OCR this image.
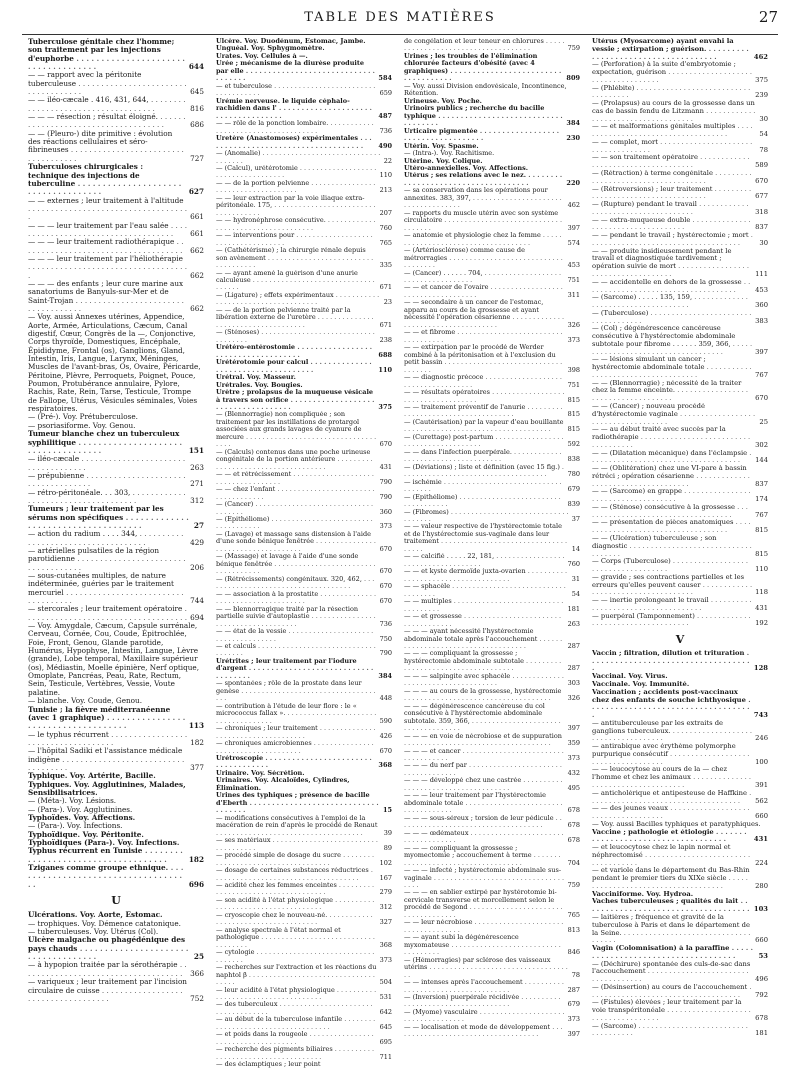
TABLE DES MATIÈRES	27
Tuberculose génitale chez l'homme; son traitement par les injections d'euphorbe . . .
644
— — rapport avec la péritonite tuberculeuse . . .
645
— — iléo-cæcale . 416, 431, 644, . . .
816
— — — résection ; résultat éloigné. . . .
686
— — (Pleuro-) dite primitive : évolution des réactions cellulaires et séro-fibrineuses . . .
727
Tuberculoses chirurgicales : technique des injections de tuberculine . . .
627
— — externes ; leur traitement à l'altitude . . .
661
— — — leur traitement par l'eau salée . . .
661
— — — leur traitement radiothérapique . . .
662
— — — leur traitement par l'héliothérapie . . .
662
— — — des enfants ; leur cure marine aux sanatoriums de Banyuls-sur-Mer et de Saint-Trojan . . .
662
— Voy. aussi Annexes utérines, Appendice, Aorte, Armée, Articulations, Cæcum, Canal digestif, Cœur, Congrès de la —, Conjonctive, Corps thyroïde, Domestiques, Encéphale, Épididyme, Frontal (os), Ganglions, Gland, Intestin, Iris, Langue, Larynx, Méninges, Muscles de l'avant-bras, Os, Ovaire, Péricarde, Péritoine, Plèvre, Perroquets, Poignet, Pouce, Poumon, Protubérance annulaire, Pylore, Rachis, Rate, Rein, Tarse, Testicule, Trompe de Fallope, Utérus, Vésicules séminales, Voies respiratoires.
— (Pré-). Voy. Prétuberculose.
— psoriasiforme. Voy. Genou.
Tumeur blanche chez un tuberculeux syphilitique . . .
151
— iléo-cæcale . . .
263
— prépubienne . . .
271
— rétro-péritonéale. . . 303, . . .
312
Tumeurs ; leur traitement par les sérums non spécifiques . . .
27
— action du radium . . . . 344, . . .
429
— artérielles pulsatiles de la région parotidienne . . .
206
— sous-cutanées multiples, de nature indéterminée, guéries par le traitement mercuriel . . .
744
— stercorales ; leur traitement opératoire . . .
694
— Voy. Amygdale, Cæcum, Capsule surrénale, Cerveau, Cornée, Cou, Coude, Épitrochlée, Foie, Front, Genou, Glande parotide, Humérus, Hypophyse, Intestin, Langue, Lèvre (grande), Lobe temporal, Maxillaire supérieur (os), Médiastin, Moelle épinière, Nerf optique, Omoplate, Pancréas, Peau, Rate, Rectum, Sein, Testicule, Vertèbres, Vessie, Voute palatine.
— blanche. Voy. Coude, Genou.
Tunisie ; la fièvre méditerranéenne (avec 1 graphique) . . .
113
— le typhus récurrent . . .
182
— l'hôpital Sadiki et l'assistance médicale indigène . . .
377
Typhique. Voy. Artérite, Bacille.
Typhiques. Voy. Agglutinines, Malades, Sensibilisatrices.
— (Méta-). Voy. Lésions.
— (Para-). Voy. Agglutinines.
Typhoïdes. Voy. Affections.
— (Para-). Voy. Infections.
Typhoïdique. Voy. Péritonite.
Typhoïdiques (Para-). Voy. Infections.
Typhus récurrent en Tunisie . . .
182
Tziganes comme groupe ethnique. . . .
696
U
Ulcérations. Voy. Aorte, Estomac.
— trophiques. Voy. Démence catatonique.
— tuberculeuses. Voy. Utérus (Col).
Ulcère malgache ou phagédénique des pays chauds . . .
25
— à hypopion traitée par la sérothérapie . . .
366
— variqueux ; leur traitement par l'incision circulaire de cuisse . . .
752
Ulcère. Voy. Duodénum, Estomac, Jambe.
Unguéal. Voy. Sphygmomètre.
Urates. Voy. Cellules à —.
Urée ; mécanisme de la diurèse produite par elle . . .
584
— et tuberculose . . .
659
Urémie nerveuse. le liquide céphalo-rachidien dans l' . . .
487
— — rôle de la ponction lombaire. . . .
736
Uretère (Anastomoses) expérimentales . . .
490
— (Anomalie) . . .
22
— (Calcul), urétérotomie . . .
110
— — de la portion pelvienne . . .
213
— — leur extraction par la voie iliaque extra-péritonéale. 175, . . .
207
— — hydronéphrose consécutive. . . .
760
— — interventions pour . . .
765
— (Cathétérisme) ; la chirurgie rénale depuis son avènement . . .
335
— — ayant amené la guérison d'une anurie calculeuse . . .
671
— (Ligature) ; effets expérimentaux . . .
23
— — de la portion pelvienne traité par la libération externe de l'uretère . . .
671
— (Sténoses) . . .
238
Urétéro-entérostomie . . .
688
Urétérotomie pour calcul . . .
110
Urétral. Voy. Masseur.
Urétrales. Voy. Bougies.
Urètre ; prolapsus de la muqueuse vésicale à travers son orifice . . .
375
— (Blennorragie) non compliquée ; son traitement par les instillations de protargol associées aux grands lavages de cyanure de mercure . . .
670
— (Calculs) contenus dans une poche urineuse congénitale de la portion antérieure . . .
431
— — et rétrécissement . . .
790
— — chez l'enfant . . .
790
— (Cancer) . . .
360
— (Épithéliome) . . .
373
— (Lavage) et massage sans distension à l'aide d'une sonde bénique fenêtrée . . .
670
— (Massage) et lavage à l'aide d'une sonde bénique fenêtrée . . .
670
— (Rétrécissements) congénitaux. 320, 462, . . .
670
— — association à la prostatite . . .
670
— — blennorragique traité par la résection partielle suivie d'autoplastie . . .
736
— — état de la vessie . . .
750
— et calculs . . .
790
Urétrites ; leur traitement par l'iodure d'argent . . .
384
— spontanées ; rôle de la prostate dans leur genèse . . .
448
— contribution à l'étude de leur flore : le « micrococcus fallax ». . . .
590
— chroniques ; leur traitement . . .
426
— chroniques amicrobiennes . . .
670
Urétroscopie . . .
368
Urinaire. Voy. Sécrétion.
Urinaires. Voy. Alcaloïdes, Cylindres, Élimination.
Urines des typhiques ; présence de bacille d'Eberth . . .
15
— modifications consécutives à l'emploi de la macération de rein d'après le procédé de Renaut . . .
39
— ses matériaux . . .
89
— procédé simple de dosage du sucre . . .
102
— dosage de certaines substances réductrices . . .
167
— acidité chez les femmes enceintes . . .
279
— son acidité à l'état physiologique . . .
312
— cryoscopie chez le nouveau-né. . . .
327
— analyse spectrale à l'état normal et pathologique . . .
368
— cytologie . . .
373
— recherches sur l'extraction et les réactions du naphtol β . . .
504
— leur acidité à l'état physiologique . . .
531
— des tuberculeux . . .
642
— au début de la tuberculose infantile . . .
645
— et poids dans la rougeole . . .
695
— recherche des pigments biliaires . . .
711
— des éclamptiques ; leur point
de congélation et leur teneur en chlorures . . .
759
Urines ; les troubles de l'élimination chlorurée facteurs d'obésité (avec 4 graphiques) . . .
809
— Voy. aussi Division endovésicale, Incontinence, Rétention.
Urineuse. Voy. Poche.
Urinoirs publics ; recherche du bacille typhique . . .
384
Urticaire pigmentée . . .
230
Utérin. Voy. Spasme.
— (Intra-). Voy. Rachitisme.
Utérine. Voy. Colique.
Utéro-annexielles. Voy. Affections.
Utérus ; ses relations avec le nez. . . .
220
— sa conservation dans les opérations pour annexites. 383, 397, . . .
462
— rapports du muscle utérin avec son système circulatoire . . .
397
— anatomie et physiologie chez la femme . . .
574
— (Artériosclérose) comme cause de métrorragies . . .
453
— (Cancer) . . . . . . 704, . . .
751
— — et cancer de l'ovaire . . .
311
— — secondaire à un cancer de l'estomac, apparu au cours de la grossesse et ayant nécessité l'opération césarienne . . .
326
— — et fibrome . . .
373
— — extirpation par le procédé de Werder combiné à la péritonisation et à l'exclusion du petit bassin . . .
398
— — diagnostic précoce . . .
751
— — résultats opératoires . . .
815
— — traitement préventif de l'anurie . . .
815
— (Cautérisation) par la vapeur d'eau bouillante . . .
815
— (Curettage) post-partum . . .
592
— — dans l'infection puerpérale. . . .
838
— (Déviations) ; liste et définition (avec 15 fig.) . . .
780
— ischémie . . .
679
— (Épithéliome) . . .
839
— (Fibromes) . . .
37
— — valeur respective de l'hystérectomie totale et de l'hystérectomie sus-vaginale dans leur traitement . . .
14
— — calcifié . . . . . 22, 181, . . .
760
— — et kyste dermoïde juxta-ovarien . . .
31
— — sphacèle . . .
54
— — multiples . . .
181
— — et grossesse . . .
263
— — — ayant nécessité l'hystérectomie abdominale totale après l'accouchement . . .
287
— — — compliquant la grossesse ; hystérectomie abdominale subtotale . . .
287
— — — salpingite avec sphacèle . . .
303
— — — au cours de la grossesse, hystérectomie . . .
326
— — — dégénérescence cancéreuse du col consécutive à l'hystérectomie abdominale subtotale. 359, 366, . . .
397
— — — en voie de nécrobiose et de suppuration . . .
359
— — — et cancer . . .
373
— — — du nerf par . . .
432
— — — développé chez une castrée . . .
495
— — — leur traitement par l'hystérectomie abdominale totale . . .
678
— — — sous-séreux ; torsion de leur pédicule . . .
678
— — — œdémateux . . .
678
— — — compliquant la grossesse ; myomectomie ; accouchement à terme . . .
704
— — — infecté ; hystérectomie abdominale sus-vaginale . . .
759
— — — en sablier extirpé par hystérotomie bi-cervicale transverse et morcellement selon le procédé de Segond . . .
765
— — leur nécrobiose . . .
813
— — ayant subi la dégénérescence myxomateuse . . .
846
— (Hémorragies) par sclérose des vaisseaux utérins . . .
78
— — intenses après l'accouchement . . .
287
— (Inversion) puerpérale récidivée . . .
679
— (Myome) vasculaire . . .
373
— — localisation et mode de développement . . .
397
Utérus (Myosarcome) ayant envahi la vessie ; extirpation ; guérison. . . .
462
— (Perforation) à la suite d'embryotomie ; expectation, guérison . . .
375
— (Phlébite) . . .
239
— (Prolapsus) au cours de la grossesse dans un cas de bassin fendu de Litzmann . . .
30
— — et malformations génitales multiples . . .
54
— — complet, mort . . .
78
— — son traitement opératoire . . .
589
— (Rétraction) à terme congénitale . . .
670
— (Rétroversions) ; leur traitement . . .
677
— (Rupture) pendant le travail . . .
318
— — extra-muqueuse double . . .
837
— — pendant le travail ; hystérectomie ; mort . . .
30
— — produite insidieusement pendant le travail et diagnostiquée tardivement ; opération suivie de mort . . .
111
— — accidentelle en dehors de la grossesse . . .
453
— (Sarcome) . . . . . 135, 159, . . .
360
— (Tuberculose) . . .
383
— (Col) ; dégénérescence cancéreuse consécutive à l'hystérectomie abdominale subtotale pour fibrome . . . . . . 359, 366, . . .
397
— — lésions simulant un cancer ; hystérectomie abdominale totale . . .
767
— — (Blennorragie) ; nécessité de la traiter chez la femme enceinte. . . .
670
— — (Cancer) ; nouveau procédé d'hystérectomie vaginale . . .
25
— — au début traité avec succès par la radiothérapie . . .
302
— — (Dilatation mécanique) dans l'éclampsie . . .
144
— — (Oblitération) chez une VI-pare à bassin rétréci ; opération césarienne . . .
837
— — (Sarcome) en grappe . . .
174
— — (Sténose) consécutive à la grossesse . . .
767
— — présentation de pièces anatomiques . . .
815
— — (Ulcération) tuberculeuse ; son diagnostic . . .
815
— Corps (Tuberculose) . . .
110
— gravide ; ses contractions partielles et les erreurs qu'elles peuvent causer . . .
118
— — inertie prolongeant le travail . . .
431
— puerpéral (Tamponnement) . . .
192
V
Vaccin ; filtration, dilution et trituration . . .
128
Vaccinal. Voy. Virus.
Vaccinale. Voy. Immunité.
Vaccination ; accidents post-vaccinaux chez des enfants de souche ichthyosique . . .
743
— antituberculeuse par les extraits de ganglions tuberculeux. . . .
246
— antirabique avec érythème polymorphe purpurique consécutif . . .
100
— — leucocytose au cours de la — chez l'homme et chez les animaux . . .
391
— anticholérique et antipesteuse de Haffkine . . .
562
— — des jeunes veaux . . .
660
— Voy. aussi Bacilles typhiques et paratyphiques.
Vaccine ; pathologie et étiologie . . .
431
— et leucocytose chez le lapin normal et néphrectomisé . . .
224
— et variole dans le département du Bas-Rhin pendant le premier tiers du XIXe siècle . . .
280
Vacciniforme. Voy. Hydroa.
Vaches tuberculeuses ; qualités du lait . . .
103
— laitières ; fréquence et gravité de la tuberculose à Paris et dans le département de la Seine. . . .
660
Vagin (Colomnisation) à la paraffine . . .
53
— (Déchirure) spontanée des culs-de-sac dans l'accouchement . . .
496
— (Désinsertion) au cours de l'accouchement . . .
792
— (Fistules) élevées ; leur traitement par la voie transpéritonéale . . .
678
— (Sarcome) . . .
181
